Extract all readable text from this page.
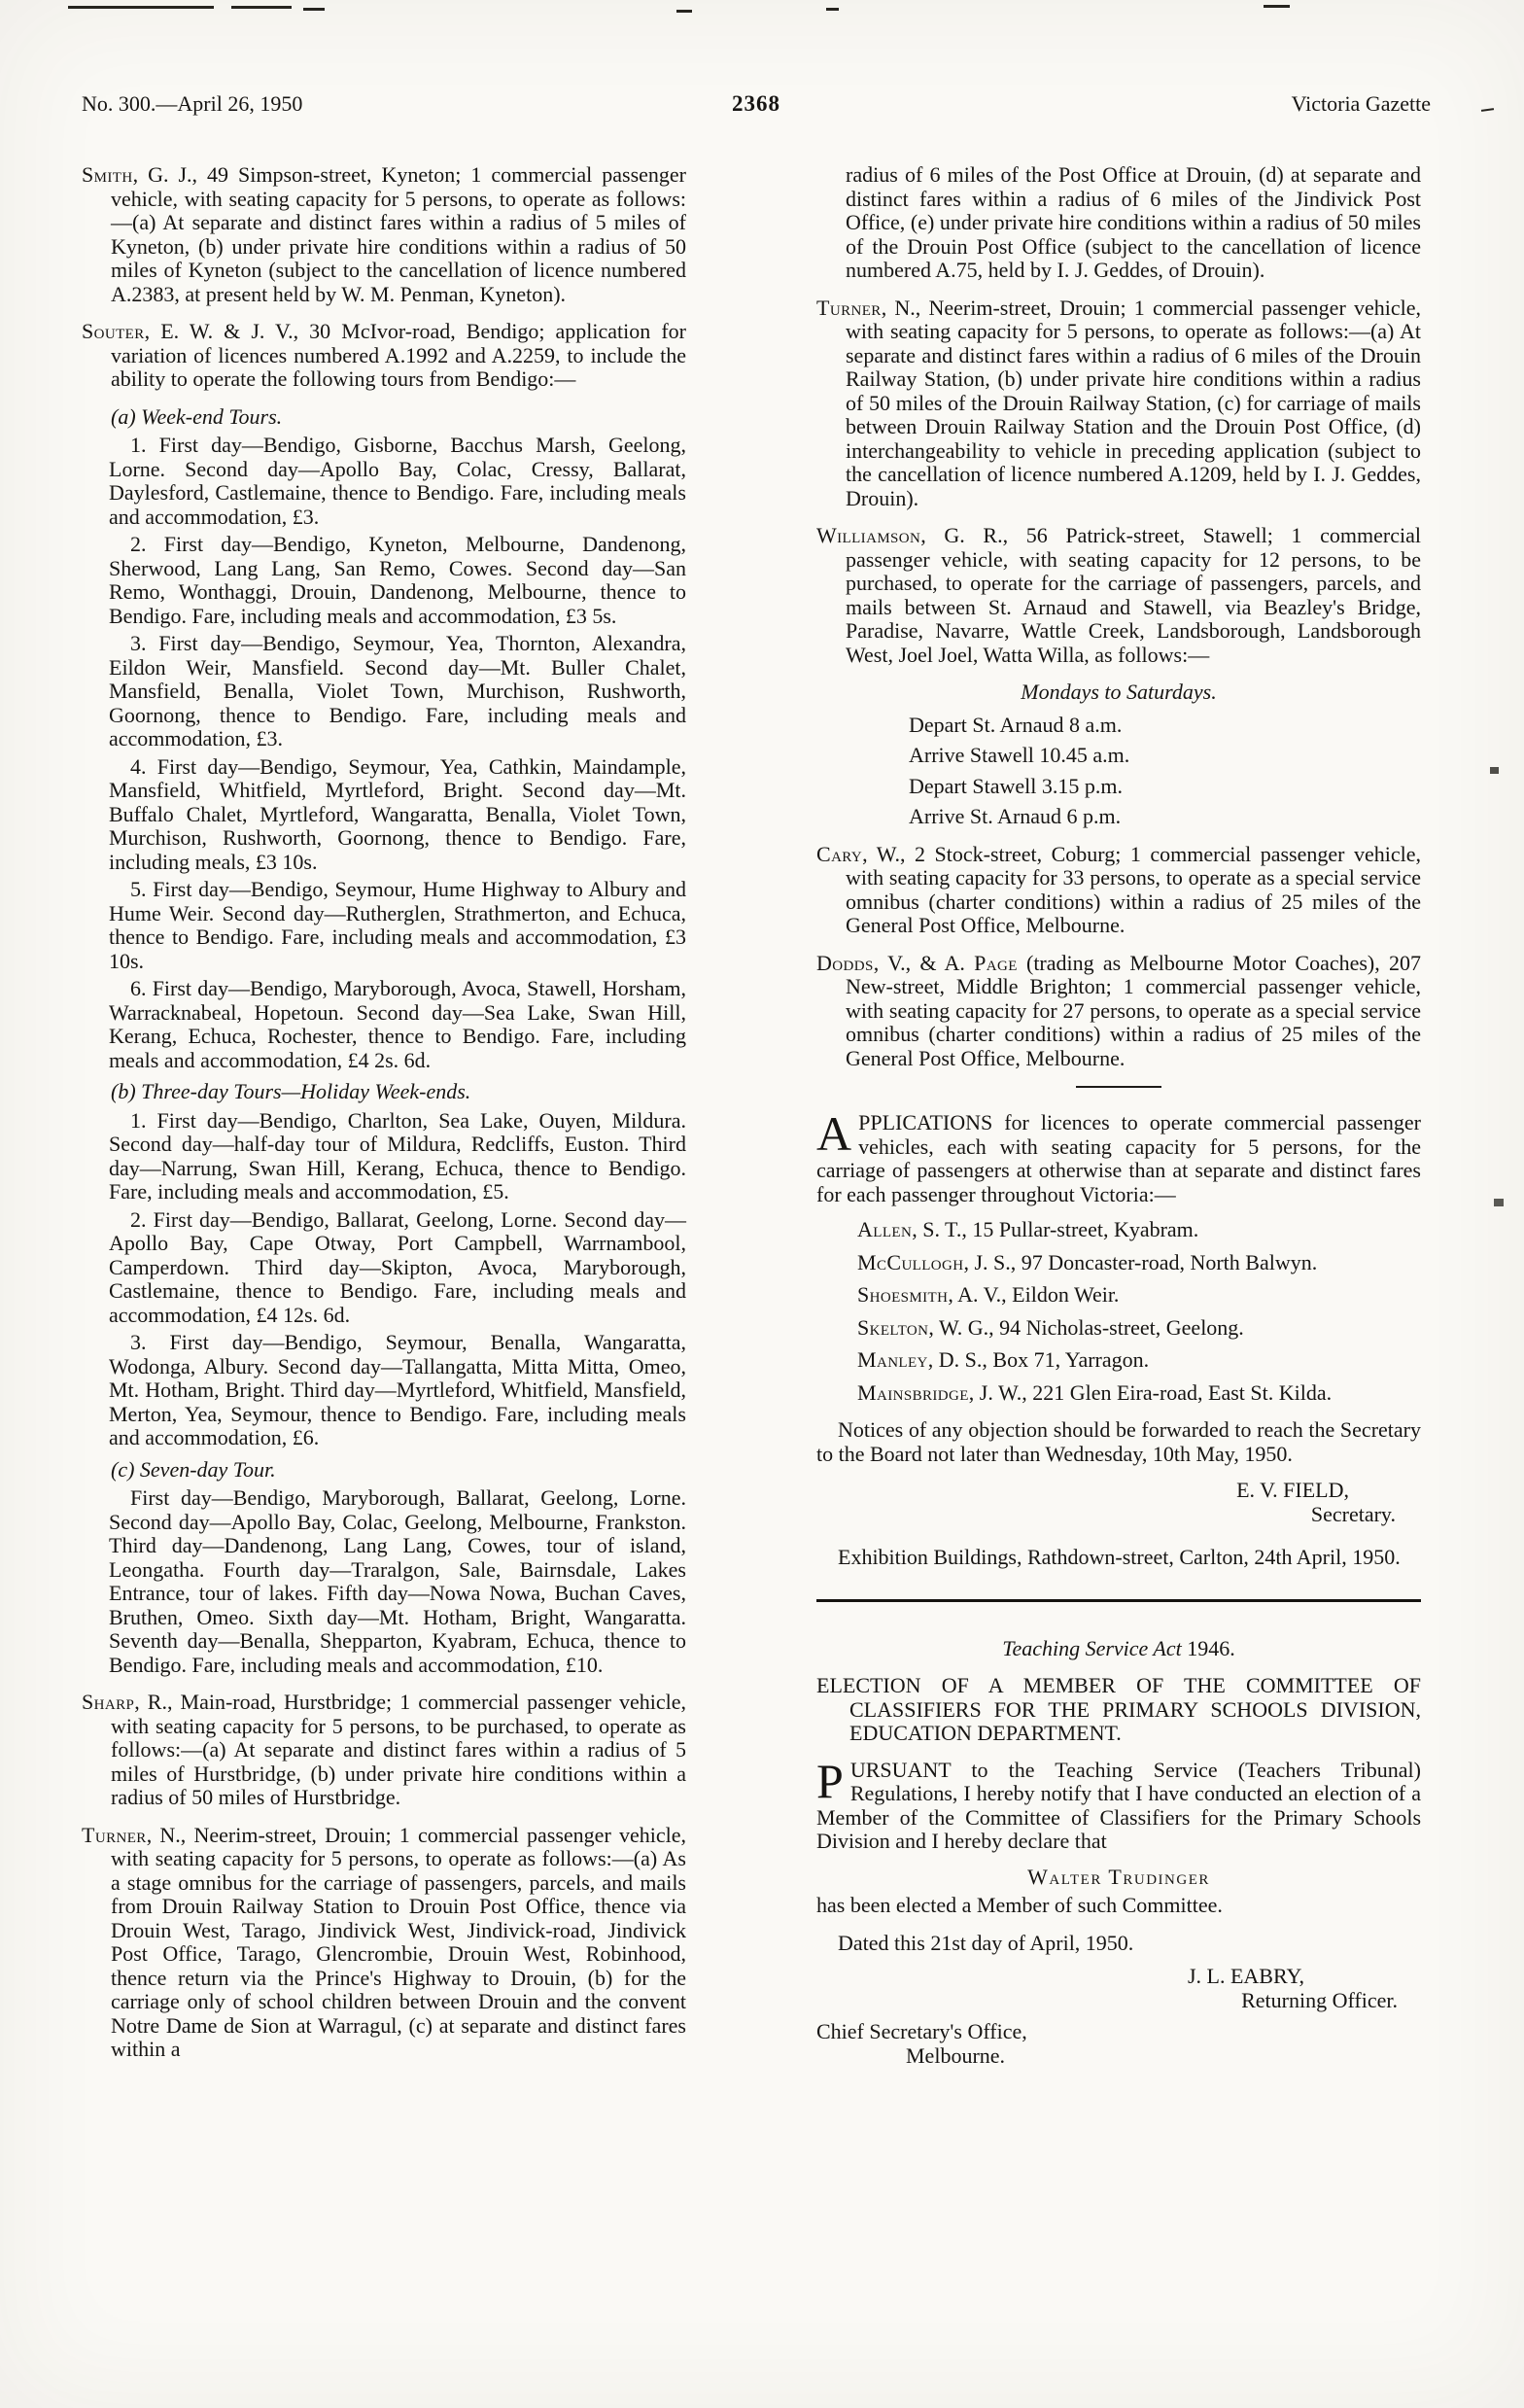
No. 300.—April 26, 1950	2368	Victoria Gazette

Smith, G. J., 49 Simpson-street, Kyneton; 1 commercial passenger vehicle, with seating capacity for 5 persons, to operate as follows:—(a) At separate and distinct fares within a radius of 5 miles of Kyneton, (b) under private hire conditions within a radius of 50 miles of Kyneton (subject to the cancellation of licence numbered A.2383, at present held by W. M. Penman, Kyneton).

Souter, E. W. & J. V., 30 McIvor-road, Bendigo; application for variation of licences numbered A.1992 and A.2259, to include the ability to operate the following tours from Bendigo:—

(a) Week-end Tours.

1. First day—Bendigo, Gisborne, Bacchus Marsh, Geelong, Lorne. Second day—Apollo Bay, Colac, Cressy, Ballarat, Daylesford, Castlemaine, thence to Bendigo. Fare, including meals and accommodation, £3.

2. First day—Bendigo, Kyneton, Melbourne, Dandenong, Sherwood, Lang Lang, San Remo, Cowes. Second day—San Remo, Wonthaggi, Drouin, Dandenong, Melbourne, thence to Bendigo. Fare, including meals and accommodation, £3 5s.

3. First day—Bendigo, Seymour, Yea, Thornton, Alexandra, Eildon Weir, Mansfield. Second day—Mt. Buller Chalet, Mansfield, Benalla, Violet Town, Murchison, Rushworth, Goornong, thence to Bendigo. Fare, including meals and accommodation, £3.

4. First day—Bendigo, Seymour, Yea, Cathkin, Maindample, Mansfield, Whitfield, Myrtleford, Bright. Second day—Mt. Buffalo Chalet, Myrtleford, Wangaratta, Benalla, Violet Town, Murchison, Rushworth, Goornong, thence to Bendigo. Fare, including meals, £3 10s.

5. First day—Bendigo, Seymour, Hume Highway to Albury and Hume Weir. Second day—Rutherglen, Strathmerton, and Echuca, thence to Bendigo. Fare, including meals and accommodation, £3 10s.

6. First day—Bendigo, Maryborough, Avoca, Stawell, Horsham, Warracknabeal, Hopetoun. Second day—Sea Lake, Swan Hill, Kerang, Echuca, Rochester, thence to Bendigo. Fare, including meals and accommodation, £4 2s. 6d.

(b) Three-day Tours—Holiday Week-ends.

1. First day—Bendigo, Charlton, Sea Lake, Ouyen, Mildura. Second day—half-day tour of Mildura, Redcliffs, Euston. Third day—Narrung, Swan Hill, Kerang, Echuca, thence to Bendigo. Fare, including meals and accommodation, £5.

2. First day—Bendigo, Ballarat, Geelong, Lorne. Second day—Apollo Bay, Cape Otway, Port Campbell, Warrnambool, Camperdown. Third day—Skipton, Avoca, Maryborough, Castlemaine, thence to Bendigo. Fare, including meals and accommodation, £4 12s. 6d.

3. First day—Bendigo, Seymour, Benalla, Wangaratta, Wodonga, Albury. Second day—Tallangatta, Mitta Mitta, Omeo, Mt. Hotham, Bright. Third day—Myrtleford, Whitfield, Mansfield, Merton, Yea, Seymour, thence to Bendigo. Fare, including meals and accommodation, £6.

(c) Seven-day Tour.

First day—Bendigo, Maryborough, Ballarat, Geelong, Lorne. Second day—Apollo Bay, Colac, Geelong, Melbourne, Frankston. Third day—Dandenong, Lang Lang, Cowes, tour of island, Leongatha. Fourth day—Traralgon, Sale, Bairnsdale, Lakes Entrance, tour of lakes. Fifth day—Nowa Nowa, Buchan Caves, Bruthen, Omeo. Sixth day—Mt. Hotham, Bright, Wangaratta. Seventh day—Benalla, Shepparton, Kyabram, Echuca, thence to Bendigo. Fare, including meals and accommodation, £10.

Sharp, R., Main-road, Hurstbridge; 1 commercial passenger vehicle, with seating capacity for 5 persons, to be purchased, to operate as follows:—(a) At separate and distinct fares within a radius of 5 miles of Hurstbridge, (b) under private hire conditions within a radius of 50 miles of Hurstbridge.

Turner, N., Neerim-street, Drouin; 1 commercial passenger vehicle, with seating capacity for 5 persons, to operate as follows:—(a) As a stage omnibus for the carriage of passengers, parcels, and mails from Drouin Railway Station to Drouin Post Office, thence via Drouin West, Tarago, Jindivick West, Jindivick-road, Jindivick Post Office, Tarago, Glencrombie, Drouin West, Robinhood, thence return via the Prince's Highway to Drouin, (b) for the carriage only of school children between Drouin and the convent Notre Dame de Sion at Warragul, (c) at separate and distinct fares within a

radius of 6 miles of the Post Office at Drouin, (d) at separate and distinct fares within a radius of 6 miles of the Jindivick Post Office, (e) under private hire conditions within a radius of 50 miles of the Drouin Post Office (subject to the cancellation of licence numbered A.75, held by I. J. Geddes, of Drouin).

Turner, N., Neerim-street, Drouin; 1 commercial passenger vehicle, with seating capacity for 5 persons, to operate as follows:—(a) At separate and distinct fares within a radius of 6 miles of the Drouin Railway Station, (b) under private hire conditions within a radius of 50 miles of the Drouin Railway Station, (c) for carriage of mails between Drouin Railway Station and the Drouin Post Office, (d) interchangeability to vehicle in preceding application (subject to the cancellation of licence numbered A.1209, held by I. J. Geddes, Drouin).

Williamson, G. R., 56 Patrick-street, Stawell; 1 commercial passenger vehicle, with seating capacity for 12 persons, to be purchased, to operate for the carriage of passengers, parcels, and mails between St. Arnaud and Stawell, via Beazley's Bridge, Paradise, Navarre, Wattle Creek, Landsborough, Landsborough West, Joel Joel, Watta Willa, as follows:—

Mondays to Saturdays.

Depart St. Arnaud 8 a.m.

Arrive Stawell 10.45 a.m.

Depart Stawell 3.15 p.m.

Arrive St. Arnaud 6 p.m.

Cary, W., 2 Stock-street, Coburg; 1 commercial passenger vehicle, with seating capacity for 33 persons, to operate as a special service omnibus (charter conditions) within a radius of 25 miles of the General Post Office, Melbourne.

Dodds, V., & A. Page (trading as Melbourne Motor Coaches), 207 New-street, Middle Brighton; 1 commercial passenger vehicle, with seating capacity for 27 persons, to operate as a special service omnibus (charter conditions) within a radius of 25 miles of the General Post Office, Melbourne.

APPLICATIONS for licences to operate commercial passenger vehicles, each with seating capacity for 5 persons, for the carriage of passengers at otherwise than at separate and distinct fares for each passenger throughout Victoria:—

Allen, S. T., 15 Pullar-street, Kyabram.

McCullogh, J. S., 97 Doncaster-road, North Balwyn.

Shoesmith, A. V., Eildon Weir.

Skelton, W. G., 94 Nicholas-street, Geelong.

Manley, D. S., Box 71, Yarragon.

Mainsbridge, J. W., 221 Glen Eira-road, East St. Kilda.

Notices of any objection should be forwarded to reach the Secretary to the Board not later than Wednesday, 10th May, 1950.

E. V. FIELD,

Secretary.

Exhibition Buildings, Rathdown-street, Carlton, 24th April, 1950.

Teaching Service Act 1946.

ELECTION OF A MEMBER OF THE COMMITTEE OF CLASSIFIERS FOR THE PRIMARY SCHOOLS DIVISION, EDUCATION DEPARTMENT.

PURSUANT to the Teaching Service (Teachers Tribunal) Regulations, I hereby notify that I have conducted an election of a Member of the Committee of Classifiers for the Primary Schools Division and I hereby declare that

Walter Trudinger

has been elected a Member of such Committee.

Dated this 21st day of April, 1950.

J. L. EABRY,

Returning Officer.

Chief Secretary's Office,

Melbourne.
